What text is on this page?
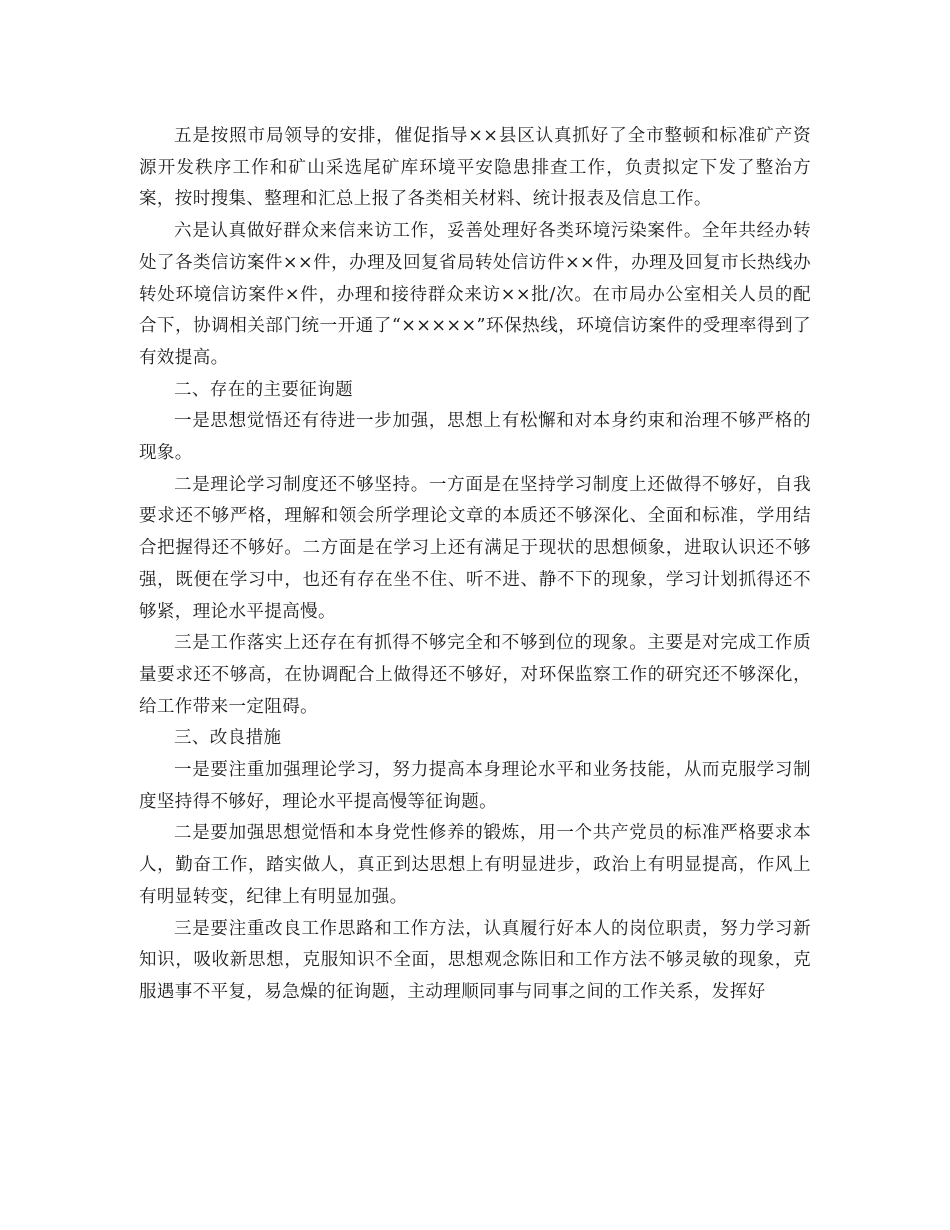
五是按照市局领导的安排，催促指导××县区认真抓好了全市整顿和标准矿产资源开发秩序工作和矿山采选尾矿库环境平安隐患排查工作，负责拟定下发了整治方案，按时搜集、整理和汇总上报了各类相关材料、统计报表及信息工作。

六是认真做好群众来信来访工作，妥善处理好各类环境污染案件。全年共经办转处了各类信访案件××件，办理及回复省局转处信访件××件，办理及回复市长热线办转处环境信访案件×件，办理和接待群众来访××批/次。在市局办公室相关人员的配合下，协调相关部门统一开通了“×××××”环保热线，环境信访案件的受理率得到了有效提高。

二、存在的主要征询题

一是思想觉悟还有待进一步加强，思想上有松懈和对本身约束和治理不够严格的现象。

二是理论学习制度还不够坚持。一方面是在坚持学习制度上还做得不够好，自我要求还不够严格，理解和领会所学理论文章的本质还不够深化、全面和标准，学用结合把握得还不够好。二方面是在学习上还有满足于现状的思想倾象，进取认识还不够强，既便在学习中，也还有存在坐不住、听不进、静不下的现象，学习计划抓得还不够紧，理论水平提高慢。

三是工作落实上还存在有抓得不够完全和不够到位的现象。主要是对完成工作质量要求还不够高，在协调配合上做得还不够好，对环保监察工作的研究还不够深化，给工作带来一定阻碍。

三、改良措施

一是要注重加强理论学习，努力提高本身理论水平和业务技能，从而克服学习制度坚持得不够好，理论水平提高慢等征询题。

二是要加强思想觉悟和本身党性修养的锻炼，用一个共产党员的标准严格要求本人，勤奋工作，踏实做人，真正到达思想上有明显进步，政治上有明显提高，作风上有明显转变，纪律上有明显加强。

三是要注重改良工作思路和工作方法，认真履行好本人的岗位职责，努力学习新知识，吸收新思想，克服知识不全面，思想观念陈旧和工作方法不够灵敏的现象，克服遇事不平复，易急燥的征询题，主动理顺同事与同事之间的工作关系，发挥好
